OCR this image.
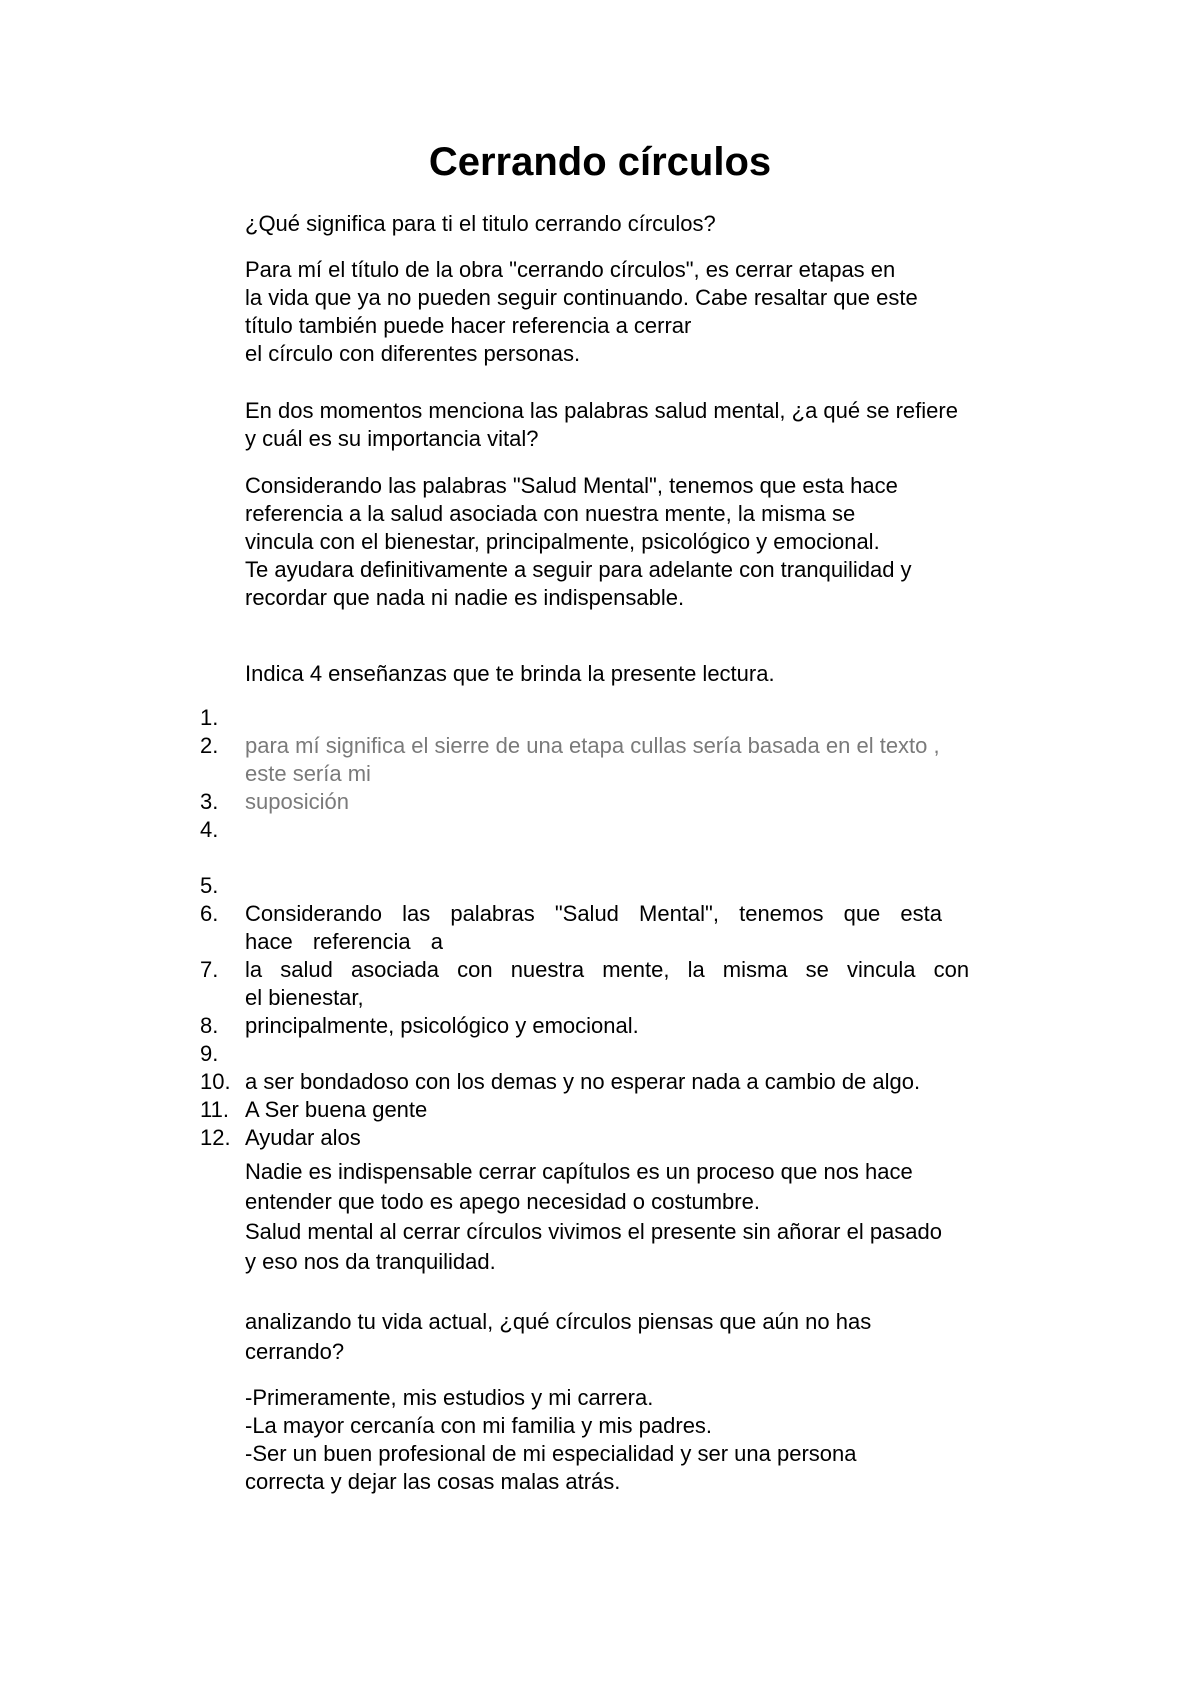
Cerrando círculos

¿Qué significa para ti el titulo cerrando círculos?

Para mí el título de la obra "cerrando círculos", es cerrar etapas en
la vida que ya no pueden seguir continuando. Cabe resaltar que este
título también puede hacer referencia a cerrar
el círculo con diferentes personas.
En dos momentos menciona las palabras salud mental, ¿a qué se refiere
y cuál es su importancia vital?
Considerando las palabras "Salud Mental", tenemos que esta hace
referencia a la salud asociada con nuestra mente, la misma se
vincula con el bienestar, principalmente, psicológico y emocional.
Te ayudara definitivamente a seguir para adelante con tranquilidad y
recordar que nada ni nadie es indispensable.

Indica 4 enseñanzas que te brinda la presente lectura.

1.
2.	para mí significa el sierre de una etapa cullas sería basada en el texto ,
este sería mi
3.	suposición
4.
5.
6.	Considerando las palabras "Salud Mental", tenemos que esta
hace referencia a
7.	la salud asociada con nuestra mente, la misma se vincula con
el bienestar,
8.	principalmente, psicológico y emocional.
9.
10. a ser bondadoso con los demas y no esperar nada a cambio de algo.
11. A Ser buena gente
12. Ayudar alos
Nadie es indispensable cerrar capítulos es un proceso que nos hace
entender que todo es apego necesidad o costumbre.
Salud mental al cerrar círculos vivimos el presente sin añorar el pasado
y eso nos da tranquilidad.
analizando tu vida actual, ¿qué círculos piensas que aún no has
cerrando?
-Primeramente, mis estudios y mi carrera.
-La mayor cercanía con mi familia y mis padres.
-Ser un buen profesional de mi especialidad y ser una persona
correcta y dejar las cosas malas atrás.
